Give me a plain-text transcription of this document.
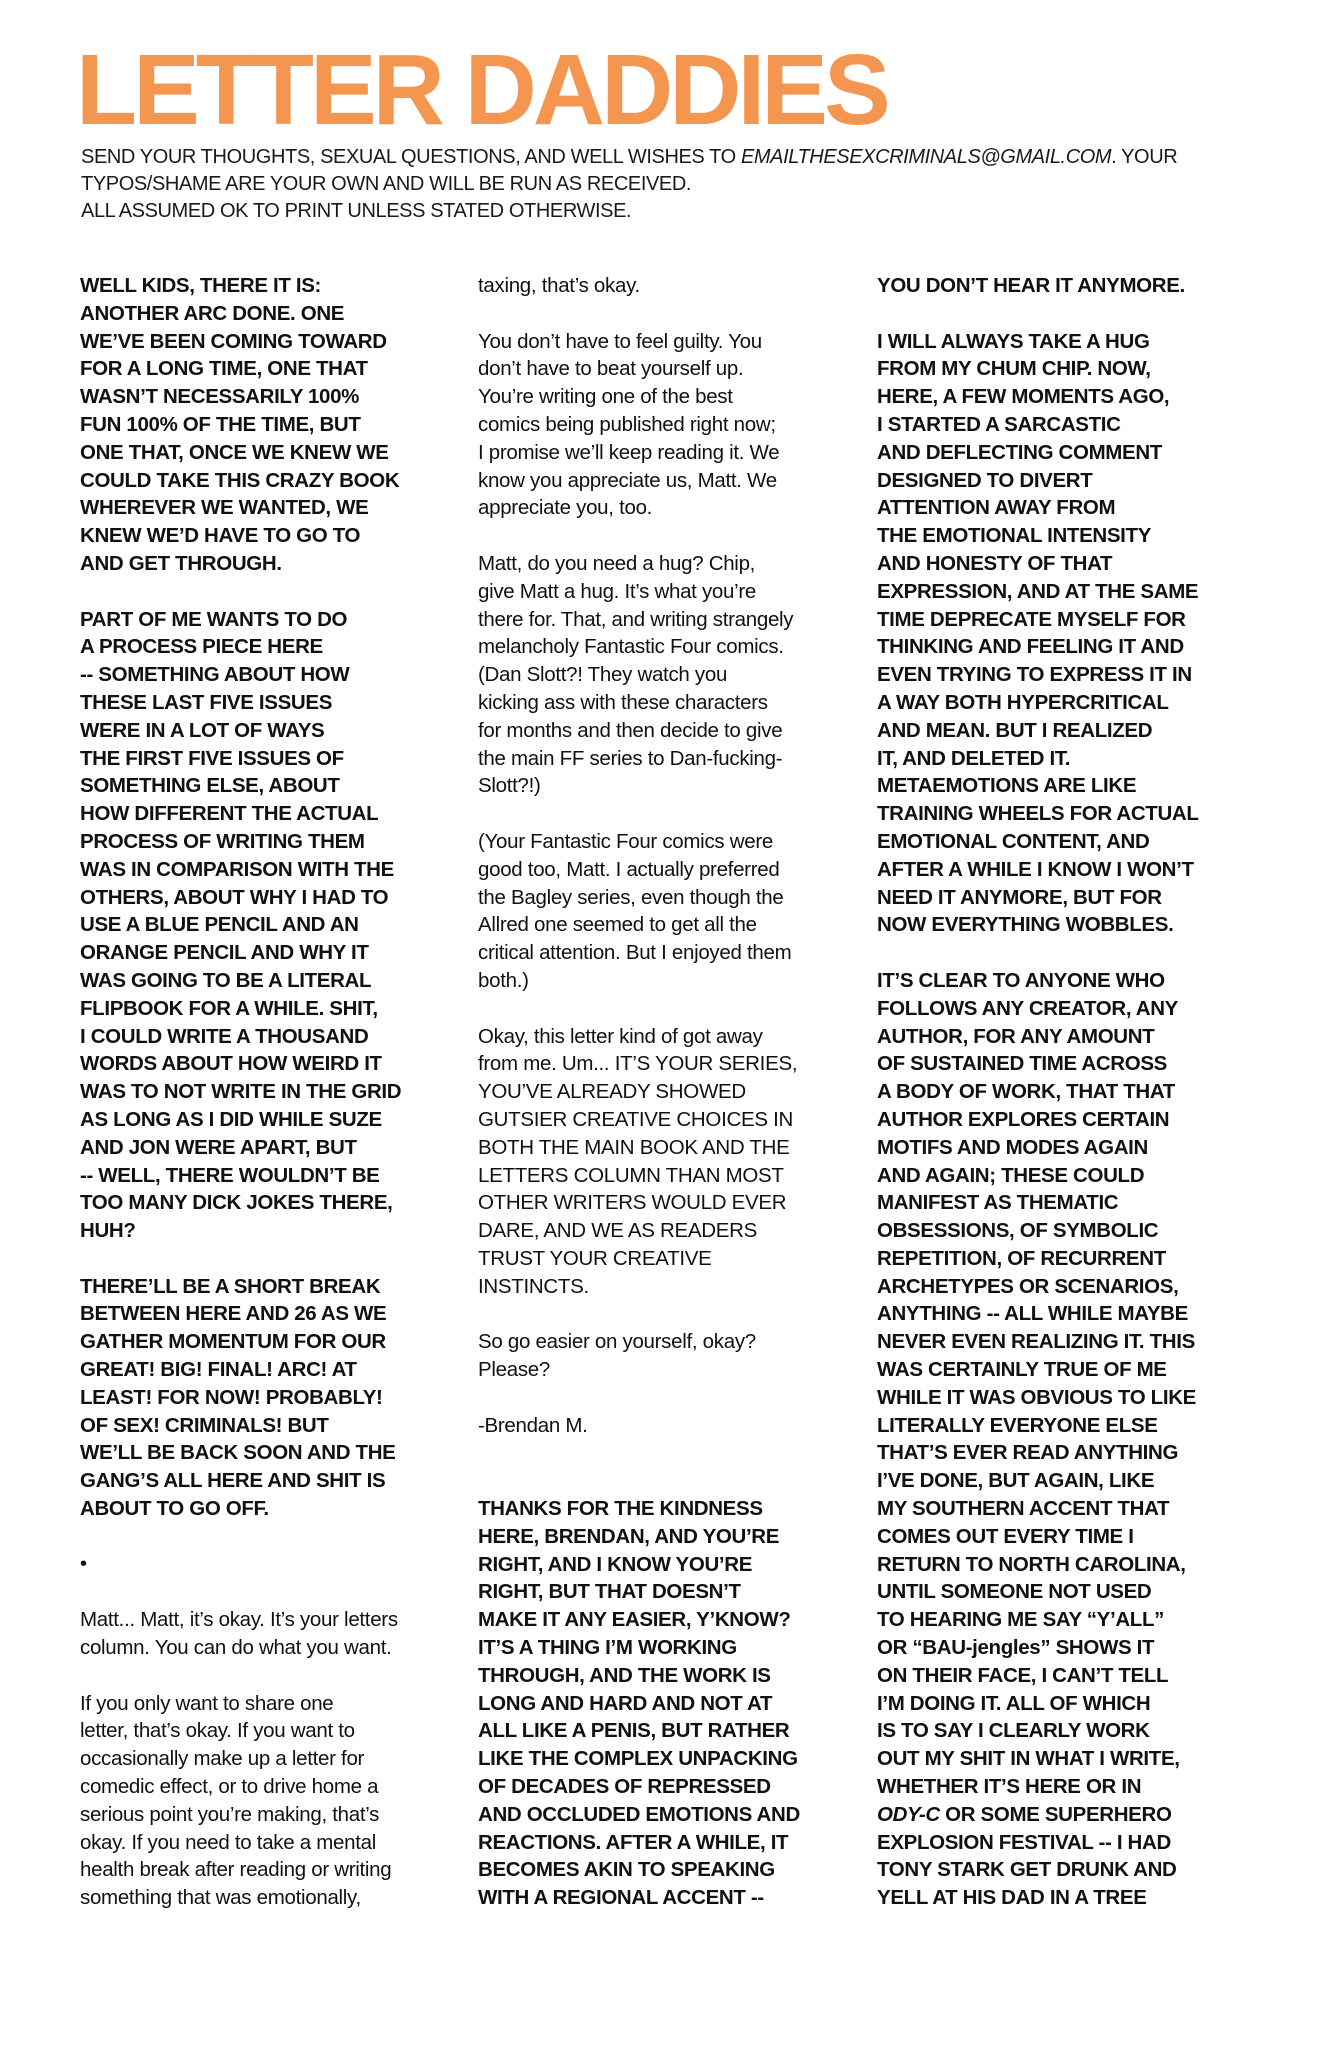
LETTER DADDIES
SEND YOUR THOUGHTS, SEXUAL QUESTIONS, AND WELL WISHES TO EMAILTHESEXCRIMINALS@GMAIL.COM. YOUR
TYPOS/SHAME ARE YOUR OWN AND WILL BE RUN AS RECEIVED.
ALL ASSUMED OK TO PRINT UNLESS STATED OTHERWISE.
WELL KIDS, THERE IT IS:
ANOTHER ARC DONE. ONE
WE’VE BEEN COMING TOWARD
FOR A LONG TIME, ONE THAT
WASN’T NECESSARILY 100%
FUN 100% OF THE TIME, BUT
ONE THAT, ONCE WE KNEW WE
COULD TAKE THIS CRAZY BOOK
WHEREVER WE WANTED, WE
KNEW WE’D HAVE TO GO TO
AND GET THROUGH.
PART OF ME WANTS TO DO
A PROCESS PIECE HERE
-- SOMETHING ABOUT HOW
THESE LAST FIVE ISSUES
WERE IN A LOT OF WAYS
THE FIRST FIVE ISSUES OF
SOMETHING ELSE, ABOUT
HOW DIFFERENT THE ACTUAL
PROCESS OF WRITING THEM
WAS IN COMPARISON WITH THE
OTHERS, ABOUT WHY I HAD TO
USE A BLUE PENCIL AND AN
ORANGE PENCIL AND WHY IT
WAS GOING TO BE A LITERAL
FLIPBOOK FOR A WHILE. SHIT,
I COULD WRITE A THOUSAND
WORDS ABOUT HOW WEIRD IT
WAS TO NOT WRITE IN THE GRID
AS LONG AS I DID WHILE SUZE
AND JON WERE APART, BUT
-- WELL, THERE WOULDN’T BE
TOO MANY DICK JOKES THERE,
HUH?
THERE’LL BE A SHORT BREAK
BETWEEN HERE AND 26 AS WE
GATHER MOMENTUM FOR OUR
GREAT! BIG! FINAL! ARC! AT
LEAST! FOR NOW! PROBABLY!
OF SEX! CRIMINALS! BUT
WE’LL BE BACK SOON AND THE
GANG’S ALL HERE AND SHIT IS
ABOUT TO GO OFF.
•
Matt... Matt, it’s okay. It’s your letters
column. You can do what you want.
If you only want to share one
letter, that’s okay. If you want to
occasionally make up a letter for
comedic effect, or to drive home a
serious point you’re making, that’s
okay. If you need to take a mental
health break after reading or writing
something that was emotionally,
taxing, that’s okay.
You don’t have to feel guilty. You
don’t have to beat yourself up.
You’re writing one of the best
comics being published right now;
I promise we’ll keep reading it. We
know you appreciate us, Matt. We
appreciate you, too.
Matt, do you need a hug? Chip,
give Matt a hug. It’s what you’re
there for. That, and writing strangely
melancholy Fantastic Four comics.
(Dan Slott?! They watch you
kicking ass with these characters
for months and then decide to give
the main FF series to Dan-fucking-
Slott?!)
(Your Fantastic Four comics were
good too, Matt. I actually preferred
the Bagley series, even though the
Allred one seemed to get all the
critical attention. But I enjoyed them
both.)
Okay, this letter kind of got away
from me. Um... IT’S YOUR SERIES,
YOU’VE ALREADY SHOWED
GUTSIER CREATIVE CHOICES IN
BOTH THE MAIN BOOK AND THE
LETTERS COLUMN THAN MOST
OTHER WRITERS WOULD EVER
DARE, AND WE AS READERS
TRUST YOUR CREATIVE
INSTINCTS.
So go easier on yourself, okay?
Please?
-Brendan M.
THANKS FOR THE KINDNESS
HERE, BRENDAN, AND YOU’RE
RIGHT, AND I KNOW YOU’RE
RIGHT, BUT THAT DOESN’T
MAKE IT ANY EASIER, Y’KNOW?
IT’S A THING I’M WORKING
THROUGH, AND THE WORK IS
LONG AND HARD AND NOT AT
ALL LIKE A PENIS, BUT RATHER
LIKE THE COMPLEX UNPACKING
OF DECADES OF REPRESSED
AND OCCLUDED EMOTIONS AND
REACTIONS. AFTER A WHILE, IT
BECOMES AKIN TO SPEAKING
WITH A REGIONAL ACCENT --
YOU DON’T HEAR IT ANYMORE.
I WILL ALWAYS TAKE A HUG
FROM MY CHUM CHIP. NOW,
HERE, A FEW MOMENTS AGO,
I STARTED A SARCASTIC
AND DEFLECTING COMMENT
DESIGNED TO DIVERT
ATTENTION AWAY FROM
THE EMOTIONAL INTENSITY
AND HONESTY OF THAT
EXPRESSION, AND AT THE SAME
TIME DEPRECATE MYSELF FOR
THINKING AND FEELING IT AND
EVEN TRYING TO EXPRESS IT IN
A WAY BOTH HYPERCRITICAL
AND MEAN. BUT I REALIZED
IT, AND DELETED IT.
METAEMOTIONS ARE LIKE
TRAINING WHEELS FOR ACTUAL
EMOTIONAL CONTENT, AND
AFTER A WHILE I KNOW I WON’T
NEED IT ANYMORE, BUT FOR
NOW EVERYTHING WOBBLES.
IT’S CLEAR TO ANYONE WHO
FOLLOWS ANY CREATOR, ANY
AUTHOR, FOR ANY AMOUNT
OF SUSTAINED TIME ACROSS
A BODY OF WORK, THAT THAT
AUTHOR EXPLORES CERTAIN
MOTIFS AND MODES AGAIN
AND AGAIN; THESE COULD
MANIFEST AS THEMATIC
OBSESSIONS, OF SYMBOLIC
REPETITION, OF RECURRENT
ARCHETYPES OR SCENARIOS,
ANYTHING -- ALL WHILE MAYBE
NEVER EVEN REALIZING IT. THIS
WAS CERTAINLY TRUE OF ME
WHILE IT WAS OBVIOUS TO LIKE
LITERALLY EVERYONE ELSE
THAT’S EVER READ ANYTHING
I’VE DONE, BUT AGAIN, LIKE
MY SOUTHERN ACCENT THAT
COMES OUT EVERY TIME I
RETURN TO NORTH CAROLINA,
UNTIL SOMEONE NOT USED
TO HEARING ME SAY “Y’ALL”
OR “BAU-jengles” SHOWS IT
ON THEIR FACE, I CAN’T TELL
I’M DOING IT. ALL OF WHICH
IS TO SAY I CLEARLY WORK
OUT MY SHIT IN WHAT I WRITE,
WHETHER IT’S HERE OR IN
ODY-C OR SOME SUPERHERO
EXPLOSION FESTIVAL -- I HAD
TONY STARK GET DRUNK AND
YELL AT HIS DAD IN A TREE
